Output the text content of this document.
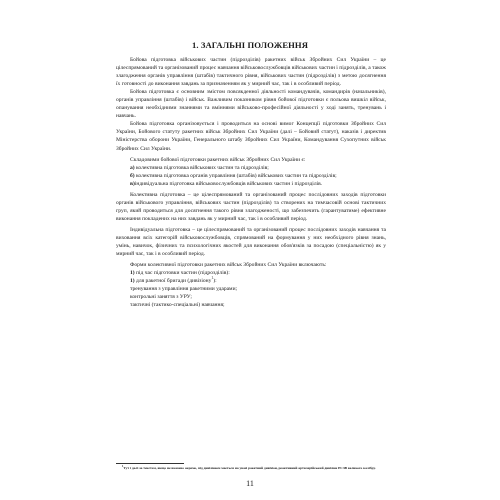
1. ЗАГАЛЬНІ ПОЛОЖЕННЯ

Бойова підготовка військових частин (підрозділів) ракетних військ Збройних Сил України – це цілеспрямований та організований процес навчання військовослужбовців військових частин і підрозділів, а також злагодження органів управління (штабів) тактичного рівня, військових частин (підрозділів) з метою досягнення їх готовності до виконання завдань за призначенням як у мирний час, так і в особливий період.

Бойова підготовка є основним змістом повсякденної діяльності командувачів, командирів (начальників), органів управління (штабів) і військ. Важливим показником рівня бойової підготовки є польова вишкіл військ, опанування необхідними знаннями та вміннями військово-професійної діяльності у ході занять, тренувань і навчань.

Бойова підготовка організовується і проводиться на основі вимог Концепції підготовки Збройних Сил України, Бойового статуту ракетних військ Збройних Сил України (далі – Бойовий статут), наказів і директив Міністерства оборони України, Генерального штабу Збройних Сил України, Командування Сухопутних військ Збройних Сил України.

Складовими бойової підготовки ракетних військ Збройних Сил України є:

а) колективна підготовка військових частин та підрозділів;

б) колективна підготовка органів управління (штабів) військових частин та підрозділів;

в)індивідуальна підготовка військовослужбовців військових частин і підрозділів.

Колективна підготовка – це цілеспрямований та організований процес послідовних заходів підготовки органів військового управління, військових частин (підрозділів) та створених на тимчасовій основі тактичних груп, який проводиться для досягнення такого рівня злагодженості, що забезпечить (гарантуватиме) ефективне виконання покладених на них завдань як у мирний час, так і в особливий період.

Індивідуальна підготовка – це цілеспрямований та організований процес послідовних заходів навчання та виховання всіх категорій військовослужбовців, спрямований на формування у них необхідного рівня знань, умінь, навичок, фізичних та психологічних якостей для виконання обов'язків за посадою (спеціальністю) як у мирний час, так і в особливий період.

Форми колективної підготовки ракетних військ Збройних Сил України включають:

1) під час підготовки частин (підрозділів):

1) для ракетної бригади (дивізіону$^1$):

тренування з управління ракетними ударами;

контрольні заняття з УРУ;

тактичні (тактико-спеціальні) навчання;

$^1$Тут і далі за текстом, якщо не вказано окремо, під дивізіоном мається на увазі ракетний дивізіон, реактивний артилерійський дивізіон РСЗВ великого калібру.
11
